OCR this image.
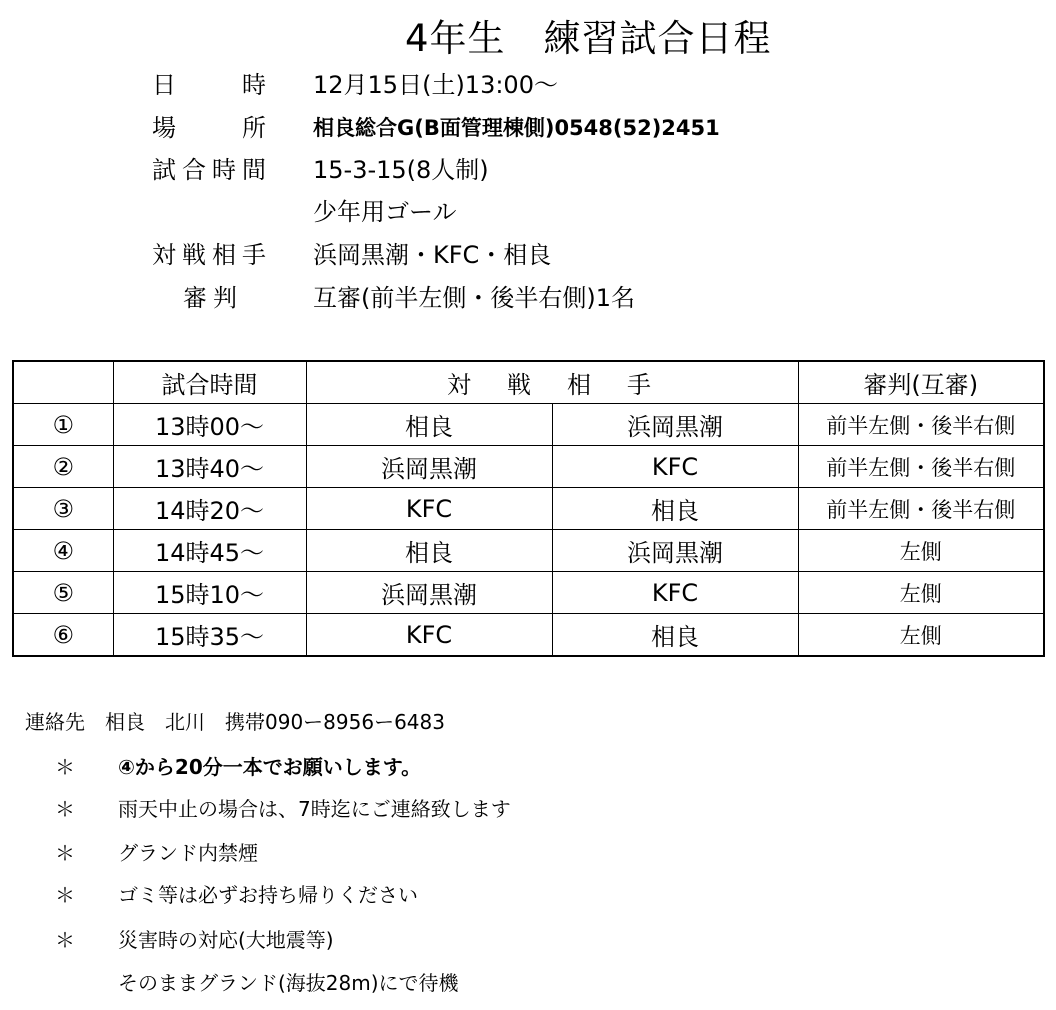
4年生　練習試合日程
日　　時 12月15日(土)13:00～
場　　所 相良総合G(B面管理棟側)0548(52)2451
試合時間 15-3-15(8人制)
少年用ゴール
対戦相手 浜岡黒潮・KFC・相良
審判	互審(前半左側・後半右側)1名
	試合時間	対　戦　相　手		審判(互審)
①	13時00～	相良	浜岡黒潮	前半左側・後半右側
②	13時40～	浜岡黒潮	KFC	前半左側・後半右側
③	14時20～	KFC	相良	前半左側・後半右側
④	14時45～	相良	浜岡黒潮	左側
⑤	15時10～	浜岡黒潮	KFC	左側
⑥	15時35～	KFC	相良	左側
連絡先　相良　北川　携帯090ー8956ー6483
＊ ④から20分一本でお願いします。
＊ 雨天中止の場合は、7時迄にご連絡致します
＊ グランド内禁煙
＊ ゴミ等は必ずお持ち帰りください
＊ 災害時の対応(大地震等)
そのままグランド(海抜28m)にで待機
